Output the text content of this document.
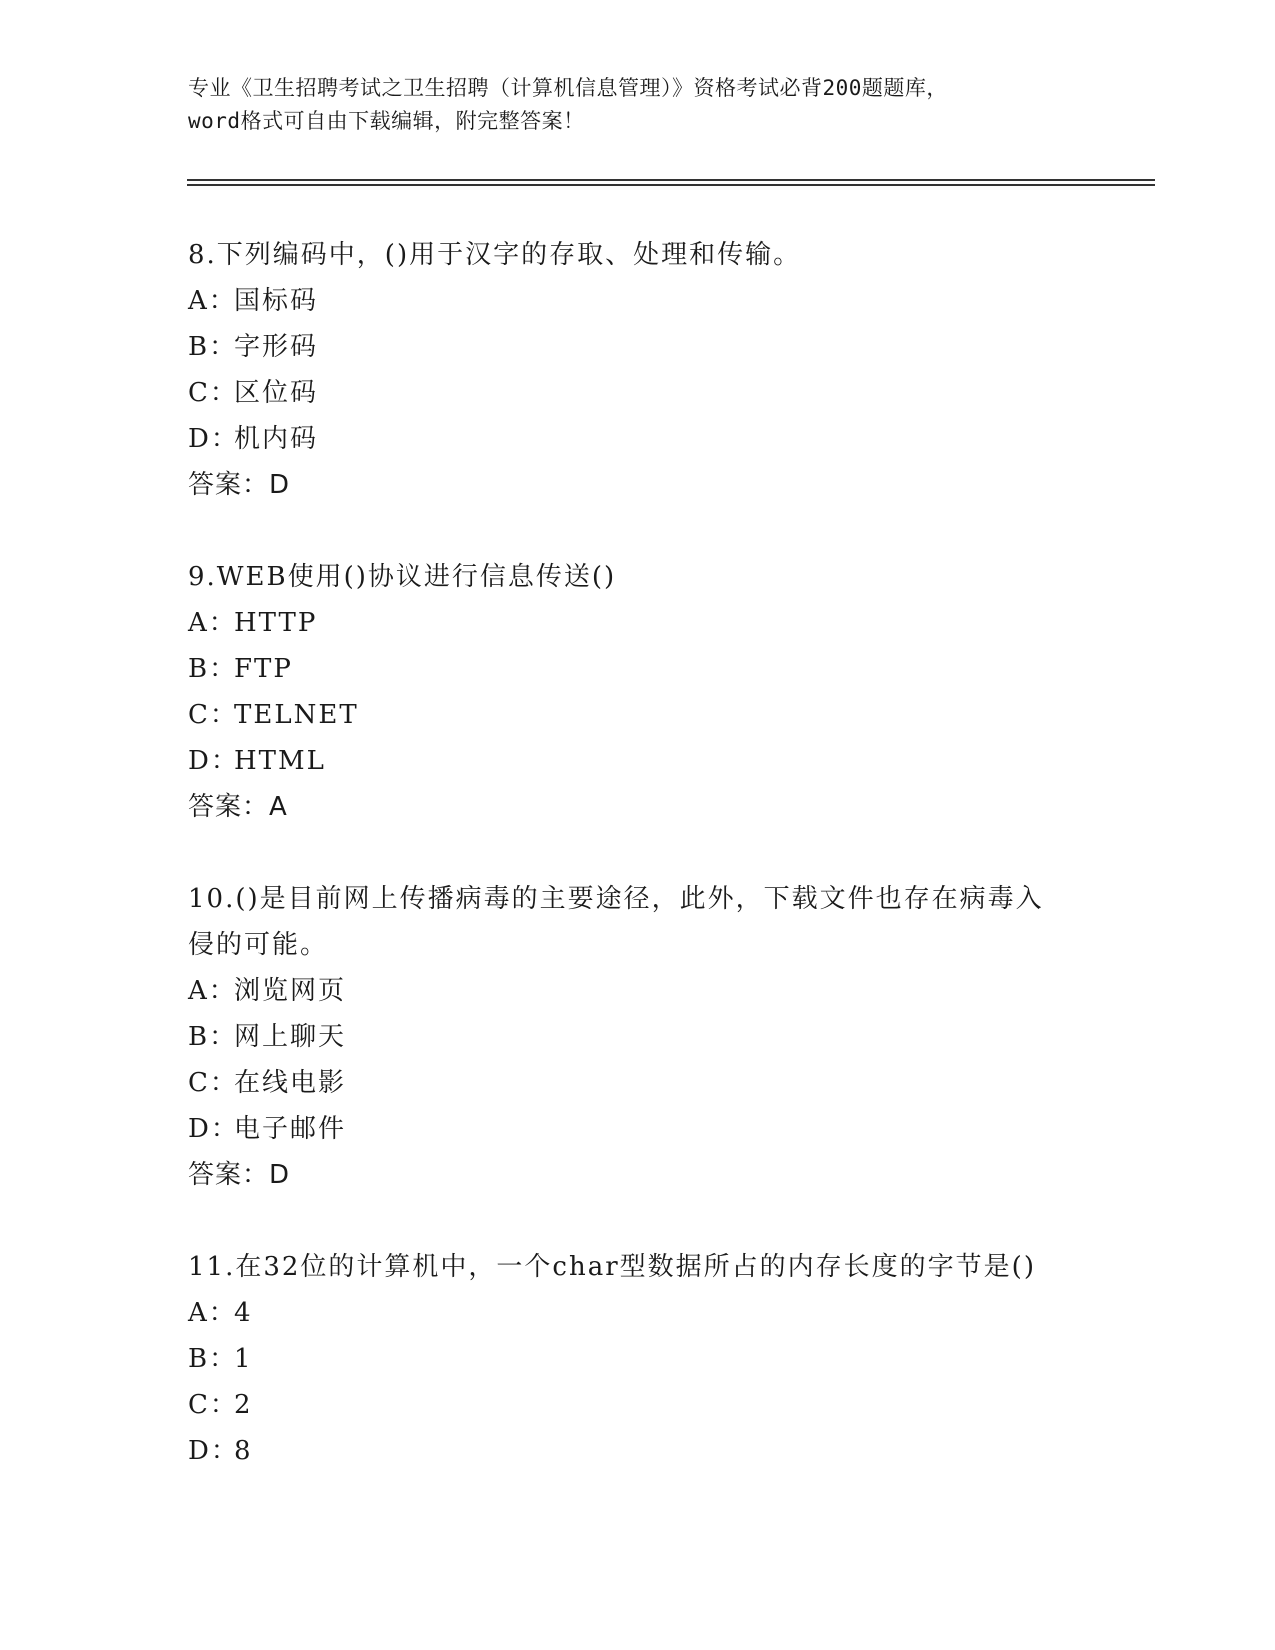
专业《卫生招聘考试之卫生招聘（计算机信息管理）》资格考试必背200题题库，
word格式可自由下载编辑，附完整答案！
8.下列编码中，()用于汉字的存取、处理和传输。
A：国标码
B：字形码
C：区位码
D：机内码
答案：D
9.WEB使用()协议进行信息传送()
A：HTTP
B：FTP
C：TELNET
D：HTML
答案：A
10.()是目前网上传播病毒的主要途径，此外，下载文件也存在病毒入
侵的可能。
A：浏览网页
B：网上聊天
C：在线电影
D：电子邮件
答案：D
11.在32位的计算机中，一个char型数据所占的内存长度的字节是()
A：4
B：1
C：2
D：8
